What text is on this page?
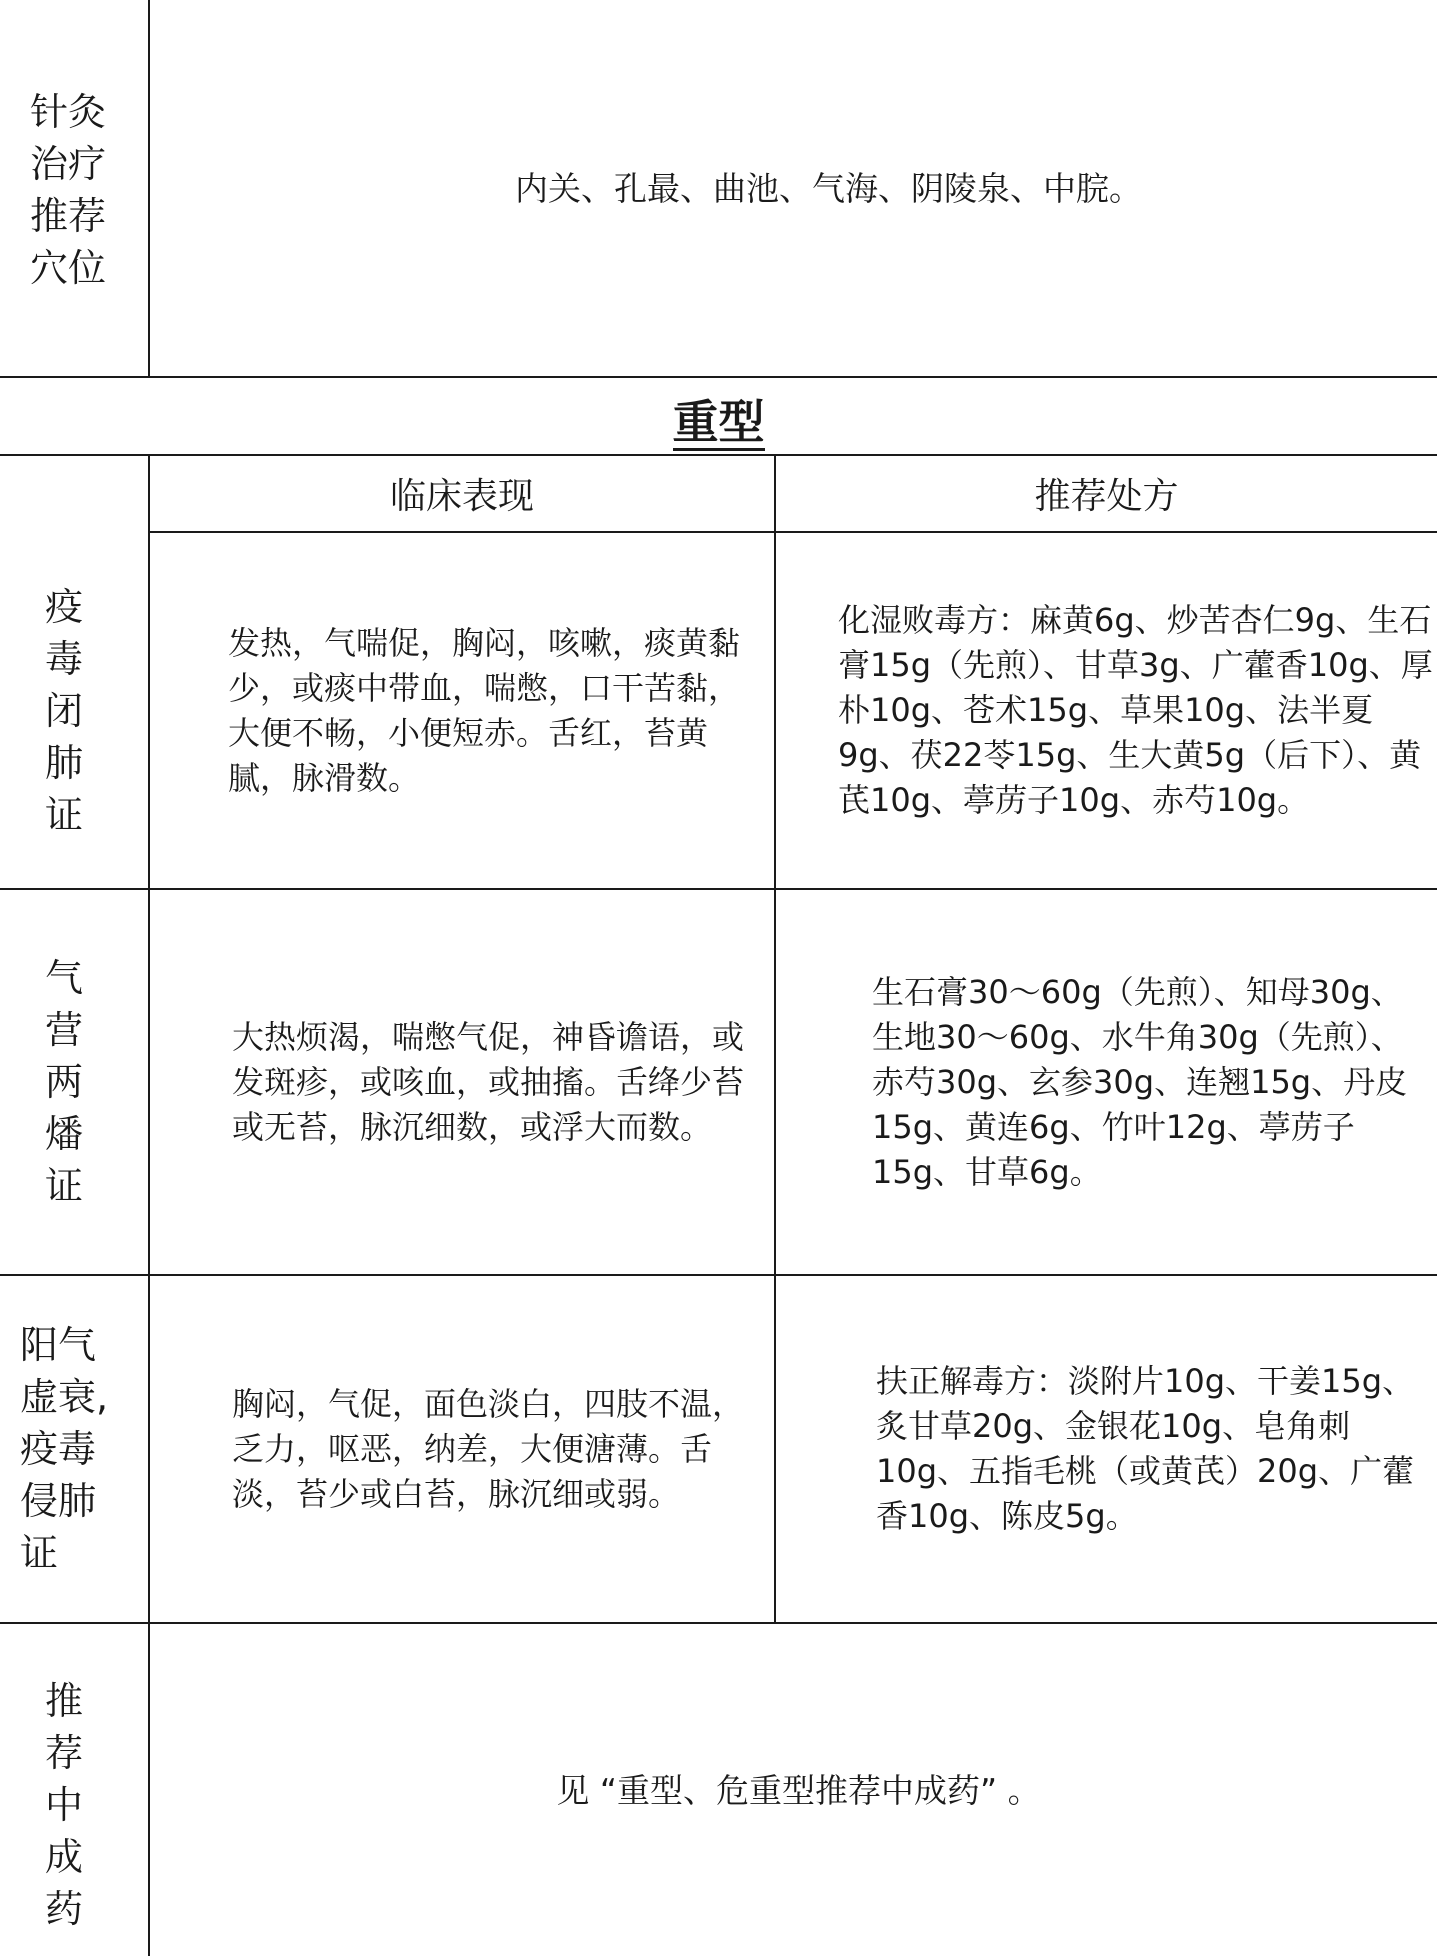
针灸
治疗
推荐
穴位
内关、孔最、曲池、气海、阴陵泉、中脘。
重型
临床表现	推荐处方
疫
毒
闭
肺
证
发热，气喘促，胸闷，咳嗽，痰黄黏少，或痰中带血，喘憋，口干苦黏，大便不畅，小便短赤。舌红，苔黄腻，脉滑数。
化湿败毒方：麻黄6g、炒苦杏仁9g、生石膏15g（先煎）、甘草3g、广藿香10g、厚朴10g、苍术15g、草果10g、法半夏9g、茯22苓15g、生大黄5g（后下）、黄芪10g、葶苈子10g、赤芍10g。
气
营
两
燔
证
大热烦渴，喘憋气促，神昏谵语，或发斑疹，或咳血，或抽搐。舌绛少苔或无苔，脉沉细数，或浮大而数。
生石膏30～60g（先煎）、知母30g、生地30～60g、水牛角30g（先煎）、赤芍30g、玄参30g、连翘15g、丹皮15g、黄连6g、竹叶12g、葶苈子15g、甘草6g。
阳气
虚衰,
疫毒
侵肺
证
胸闷，气促，面色淡白，四肢不温，乏力，呕恶，纳差，大便溏薄。舌淡，苔少或白苔，脉沉细或弱。
扶正解毒方：淡附片10g、干姜15g、炙甘草20g、金银花10g、皂角刺10g、五指毛桃（或黄芪）20g、广藿香10g、陈皮5g。
推
荐
中
成
药
见 “重型、危重型推荐中成药” 。
